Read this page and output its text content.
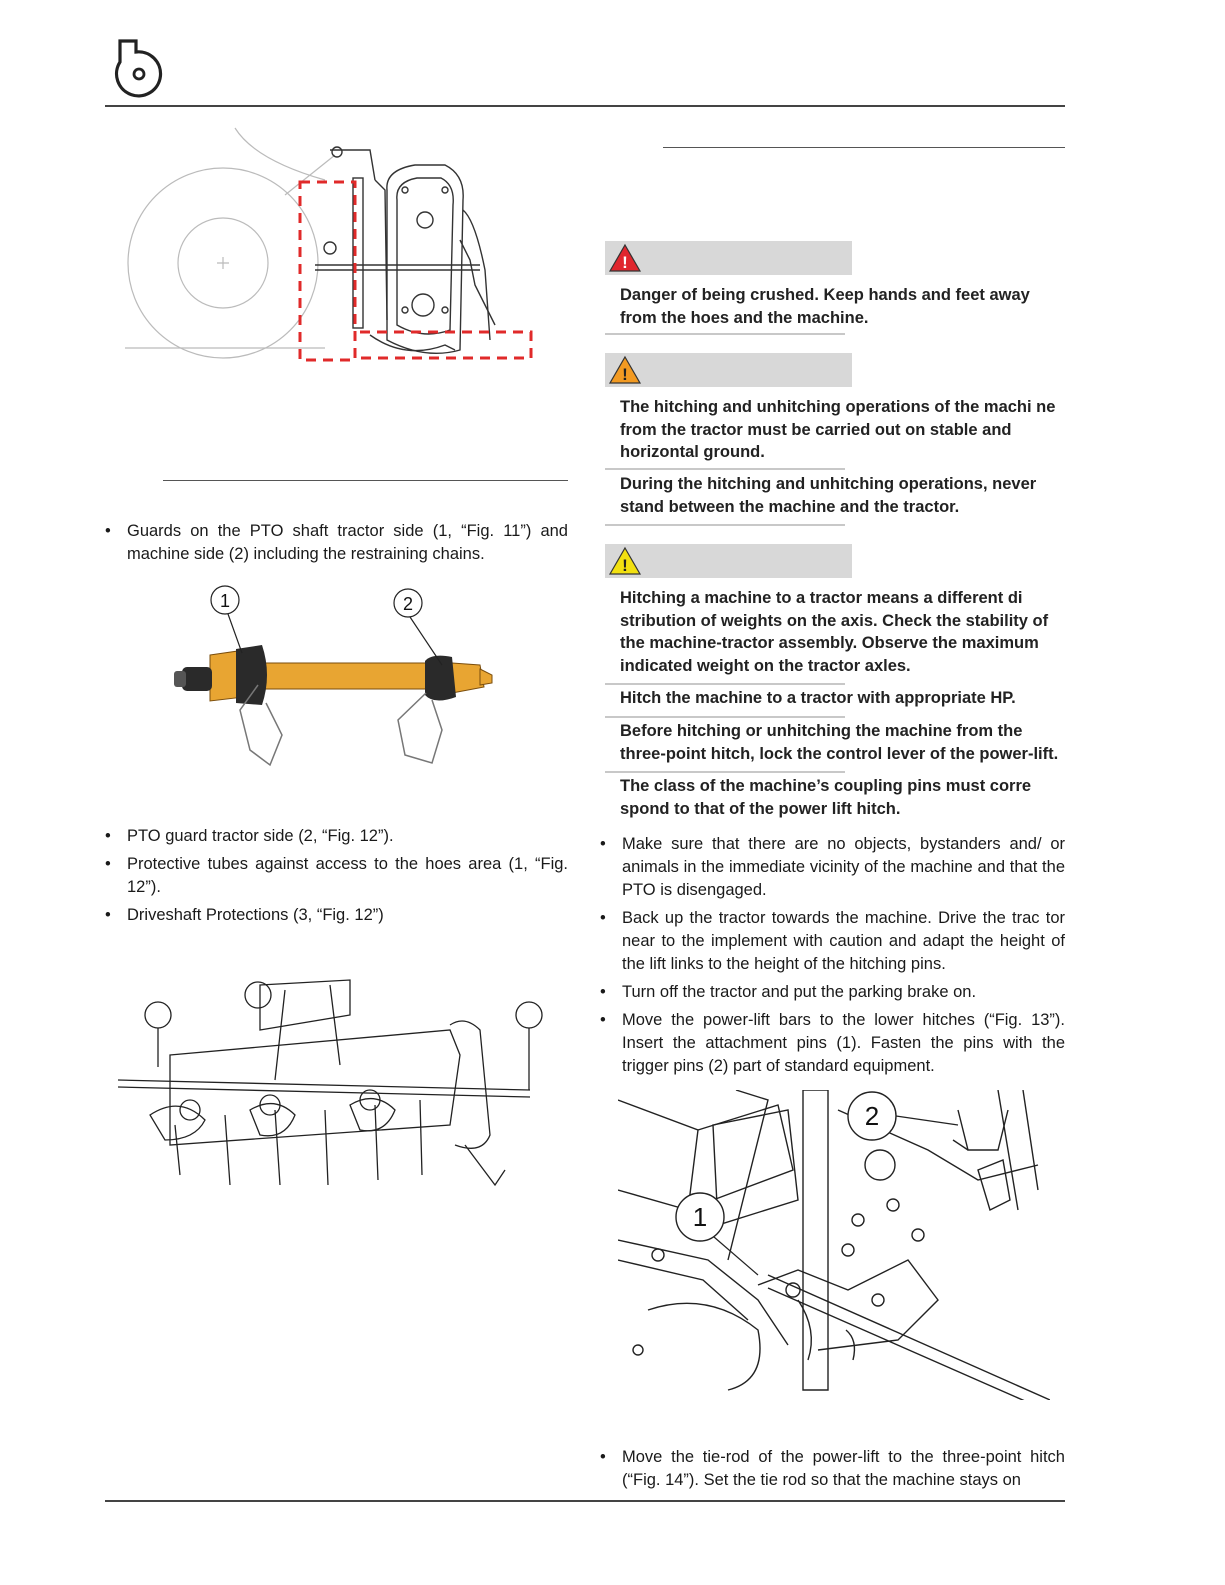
• Guards on the PTO shaft tractor side (1, “Fig. 11”) and machine side (2) including the restraining chains.
1	2
• PTO guard tractor side (2, “Fig. 12”).
• Protective tubes against access to the hoes area (1, “Fig. 12”).
• Driveshaft Protections (3, “Fig. 12”)
!
Danger of being crushed. Keep hands and feet away from the hoes and the machine.
!
The hitching and unhitching operations of the machi ne from the tractor must be carried out on stable and horizontal ground.
During the hitching and unhitching operations, never stand between the machine and the tractor.
!
Hitching a machine to a tractor means a different di stribution of weights on the axis. Check the stability of the machine-tractor assembly. Observe the maximum indicated weight on the tractor axles.
Hitch the machine to a tractor with appropriate HP.
Before hitching or unhitching the machine from the three-point hitch, lock the control lever of the power-lift.
The class of the machine’s coupling pins must corre spond to that of the power lift hitch.
• Make sure that there are no objects, bystanders and/ or animals in the immediate vicinity of the machine and that the PTO is disengaged.
• Back up the tractor towards the machine. Drive the trac tor near to the implement with caution and adapt the height of the lift links to the height of the hitching pins.
• Turn off the tractor and put the parking brake on.
• Move the power-lift bars to the lower hitches (“Fig. 13”). Insert the attachment pins (1). Fasten the pins with the trigger pins (2) part of standard equipment.
1
2
• Move the tie-rod of the power-lift to the three-point hitch (“Fig. 14”). Set the tie rod so that the machine stays on
